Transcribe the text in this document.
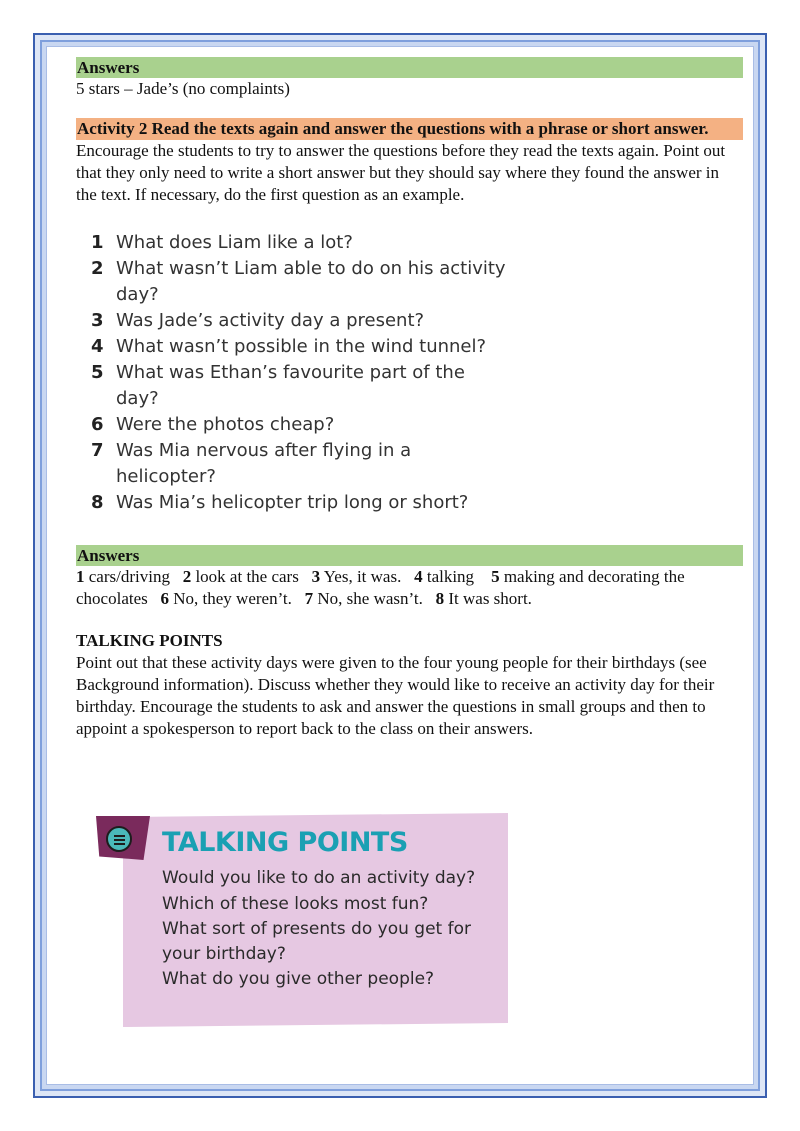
Answers

5 stars – Jade’s (no complaints)

Activity 2 Read the texts again and answer the questions with a phrase or short answer.

Encourage the students to try to answer the questions before they read the texts again. Point out that they only need to write a short answer but they should say where they found the answer in the text. If necessary, do the first question as an example.

1 What does Liam like a lot?
2 What wasn’t Liam able to do on his activity day?
3 Was Jade’s activity day a present?
4 What wasn’t possible in the wind tunnel?
5 What was Ethan’s favourite part of the day?
6 Were the photos cheap?
7 Was Mia nervous after flying in a helicopter?
8 Was Mia’s helicopter trip long or short?
Answers

1 cars/driving 2 look at the cars 3 Yes, it was. 4 talking 5 making and decorating the chocolates 6 No, they weren’t. 7 No, she wasn’t. 8 It was short.

TALKING POINTS

Point out that these activity days were given to the four young people for their birthdays (see Background information). Discuss whether they would like to receive an activity day for their birthday. Encourage the students to ask and answer the questions in small groups and then to appoint a spokesperson to report back to the class on their answers.

TALKING POINTS
Would you like to do an activity day?
Which of these looks most fun?
What sort of presents do you get for your birthday?
What do you give other people?
